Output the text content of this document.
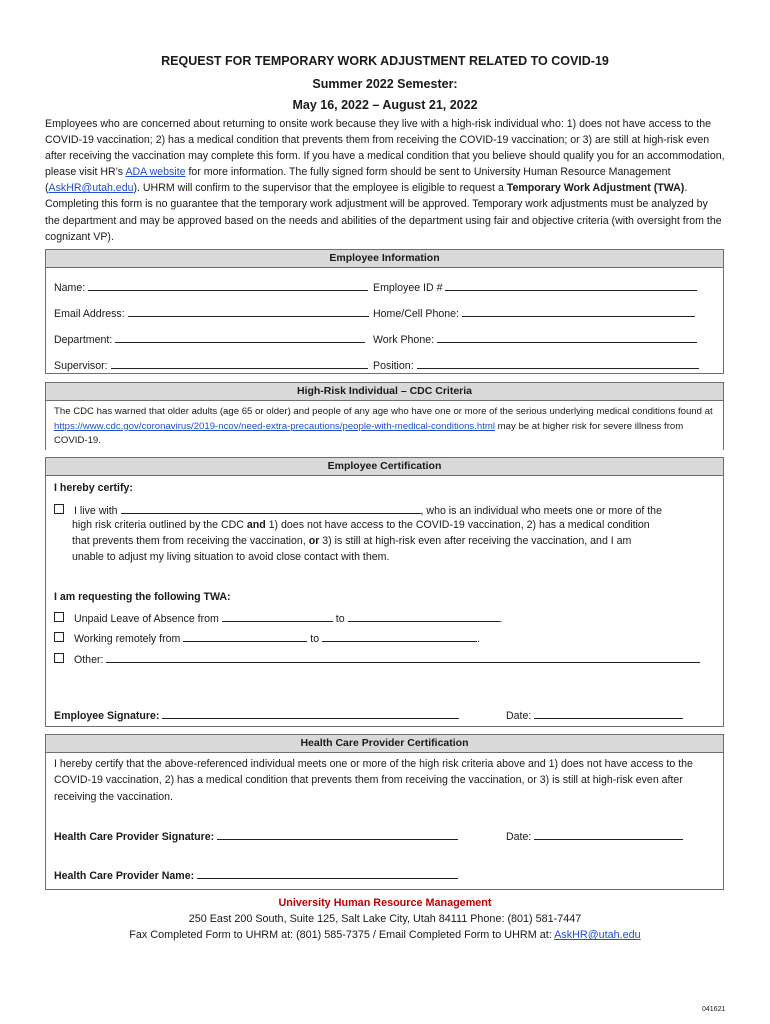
REQUEST FOR TEMPORARY WORK ADJUSTMENT RELATED TO COVID-19
Summer 2022 Semester:
May 16, 2022 – August 21, 2022
Employees who are concerned about returning to onsite work because they live with a high-risk individual who: 1) does not have access to the COVID-19 vaccination; 2) has a medical condition that prevents them from receiving the COVID-19 vaccination; or 3) are still at high-risk even after receiving the vaccination may complete this form. If you have a medical condition that you believe should qualify you for an accommodation, please visit HR’s ADA website for more information. The fully signed form should be sent to University Human Resource Management (AskHR@utah.edu). UHRM will confirm to the supervisor that the employee is eligible to request a Temporary Work Adjustment (TWA). Completing this form is no guarantee that the temporary work adjustment will be approved. Temporary work adjustments must be analyzed by the department and may be approved based on the needs and abilities of the department using fair and objective criteria (with oversight from the cognizant VP).
Employee Information
Name:	Employee ID #
Email Address:	Home/Cell Phone:
Department:	Work Phone:
Supervisor:	Position:
High-Risk Individual – CDC Criteria
The CDC has warned that older adults (age 65 or older) and people of any age who have one or more of the serious underlying medical conditions found at https://www.cdc.gov/coronavirus/2019-ncov/need-extra-precautions/people-with-medical-conditions.html may be at higher risk for severe illness from COVID-19.
Employee Certification
I hereby certify:
I live with	, who is an individual who meets one or more of the
high risk criteria outlined by the CDC and 1) does not have access to the COVID-19 vaccination, 2) has a medical condition
that prevents them from receiving the vaccination, or 3) is still at high-risk even after receiving the vaccination, and I am
unable to adjust my living situation to avoid close contact with them.
I am requesting the following TWA:
Unpaid Leave of Absence from	to	.
Working remotely from	to	.
Other:
Employee Signature:	Date:
Health Care Provider Certification
I hereby certify that the above-referenced individual meets one or more of the high risk criteria above and 1) does not have access to the COVID-19 vaccination, 2) has a medical condition that prevents them from receiving the vaccination, or 3) is still at high-risk even after receiving the vaccination.
Health Care Provider Signature:	Date:
Health Care Provider Name:
University Human Resource Management
250 East 200 South, Suite 125, Salt Lake City, Utah 84111 Phone: (801) 581-7447
Fax Completed Form to UHRM at: (801) 585-7375 / Email Completed Form to UHRM at: AskHR@utah.edu
041621
